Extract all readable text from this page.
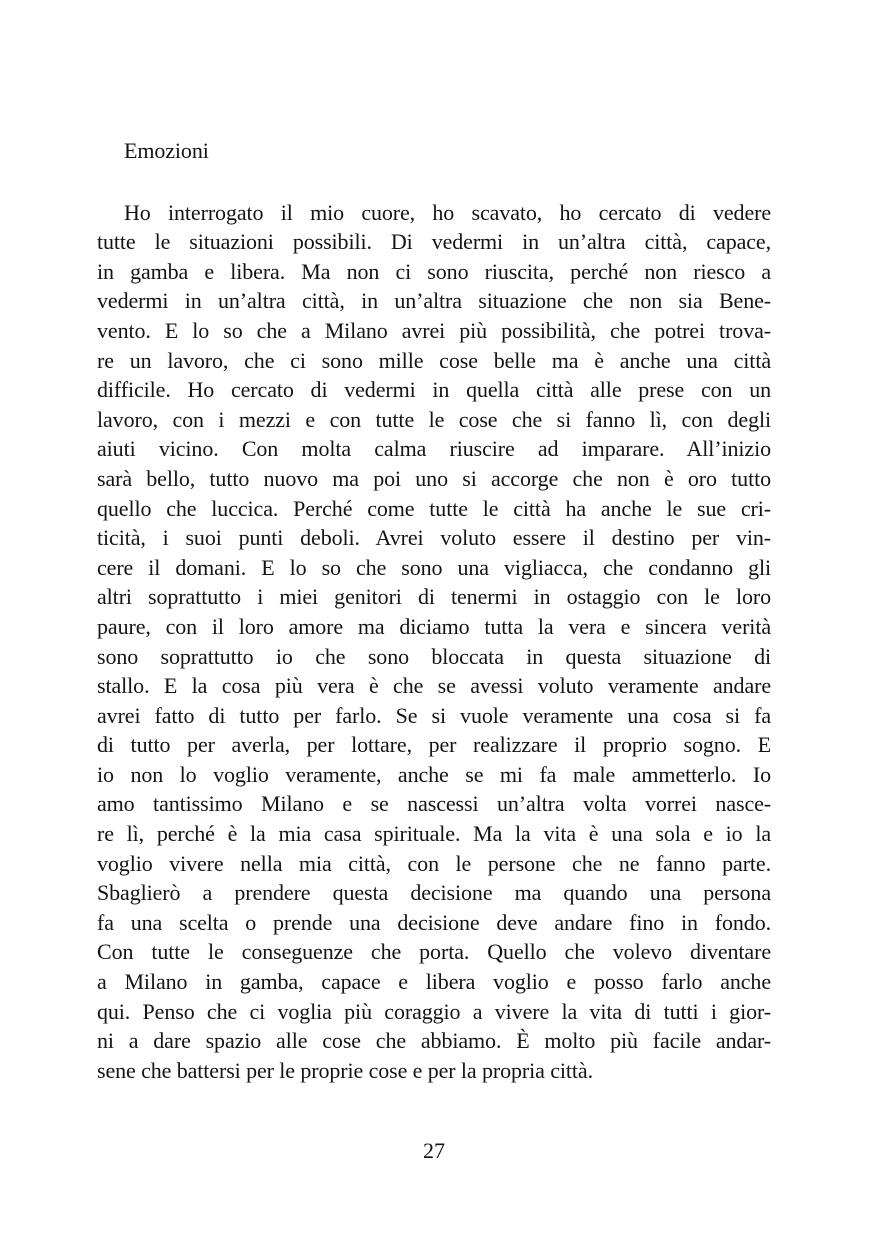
Emozioni
Ho interrogato il mio cuore, ho scavato, ho cercato di vedere
tutte le situazioni possibili. Di vedermi in un’altra città, capace,
in gamba e libera. Ma non ci sono riuscita, perché non riesco a
vedermi in un’altra città, in un’altra situazione che non sia Bene-
vento. E lo so che a Milano avrei più possibilità, che potrei trova-
re un lavoro, che ci sono mille cose belle ma è anche una città
difficile. Ho cercato di vedermi in quella città alle prese con un
lavoro, con i mezzi e con tutte le cose che si fanno lì, con degli
aiuti vicino. Con molta calma riuscire ad imparare. All’inizio
sarà bello, tutto nuovo ma poi uno si accorge che non è oro tutto
quello che luccica. Perché come tutte le città ha anche le sue cri-
ticità, i suoi punti deboli. Avrei voluto essere il destino per vin-
cere il domani. E lo so che sono una vigliacca, che condanno gli
altri soprattutto i miei genitori di tenermi in ostaggio con le loro
paure, con il loro amore ma diciamo tutta la vera e sincera verità
sono soprattutto io che sono bloccata in questa situazione di
stallo. E la cosa più vera è che se avessi voluto veramente andare
avrei fatto di tutto per farlo. Se si vuole veramente una cosa si fa
di tutto per averla, per lottare, per realizzare il proprio sogno. E
io non lo voglio veramente, anche se mi fa male ammetterlo. Io
amo tantissimo Milano e se nascessi un’altra volta vorrei nasce-
re lì, perché è la mia casa spirituale. Ma la vita è una sola e io la
voglio vivere nella mia città, con le persone che ne fanno parte.
Sbaglierò a prendere questa decisione ma quando una persona
fa una scelta o prende una decisione deve andare fino in fondo.
Con tutte le conseguenze che porta. Quello che volevo diventare
a Milano in gamba, capace e libera voglio e posso farlo anche
qui. Penso che ci voglia più coraggio a vivere la vita di tutti i gior-
ni a dare spazio alle cose che abbiamo. È molto più facile andar-
sene che battersi per le proprie cose e per la propria città.
27
